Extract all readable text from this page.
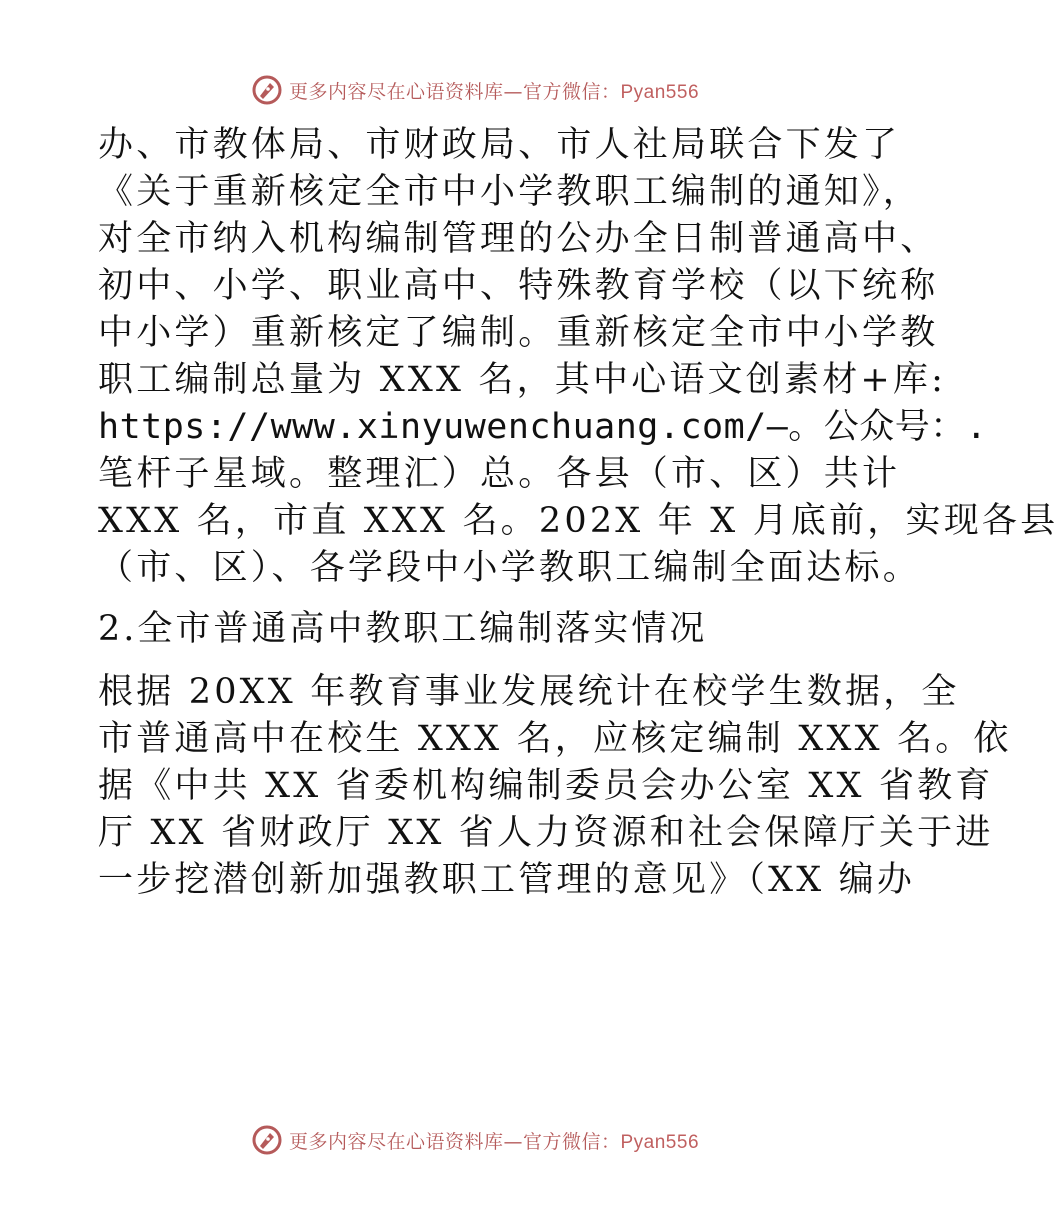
更多内容尽在心语资料库—官方微信：Pyan556
办、市教体局、市财政局、市人社局联合下发了
《关于重新核定全市中小学教职工编制的通知》，
对全市纳入机构编制管理的公办全日制普通高中、
初中、小学、职业高中、特殊教育学校（以下统称
中小学）重新核定了编制。重新核定全市中小学教
职工编制总量为 XXX 名，其中心语文创素材+库:
https://www.xinyuwenchuang.com/—。公众号：.
笔杆子星域。整理汇）总。各县（市、区）共计
XXX 名，市直 XXX 名。202X 年 X 月底前，实现各县
（市、区）、各学段中小学教职工编制全面达标。
2.全市普通高中教职工编制落实情况
根据 20XX 年教育事业发展统计在校学生数据，全
市普通高中在校生 XXX 名，应核定编制 XXX 名。依
据《中共 XX 省委机构编制委员会办公室 XX 省教育
厅 XX 省财政厅 XX 省人力资源和社会保障厅关于进
一步挖潜创新加强教职工管理的意见》（XX 编办
更多内容尽在心语资料库—官方微信：Pyan556
